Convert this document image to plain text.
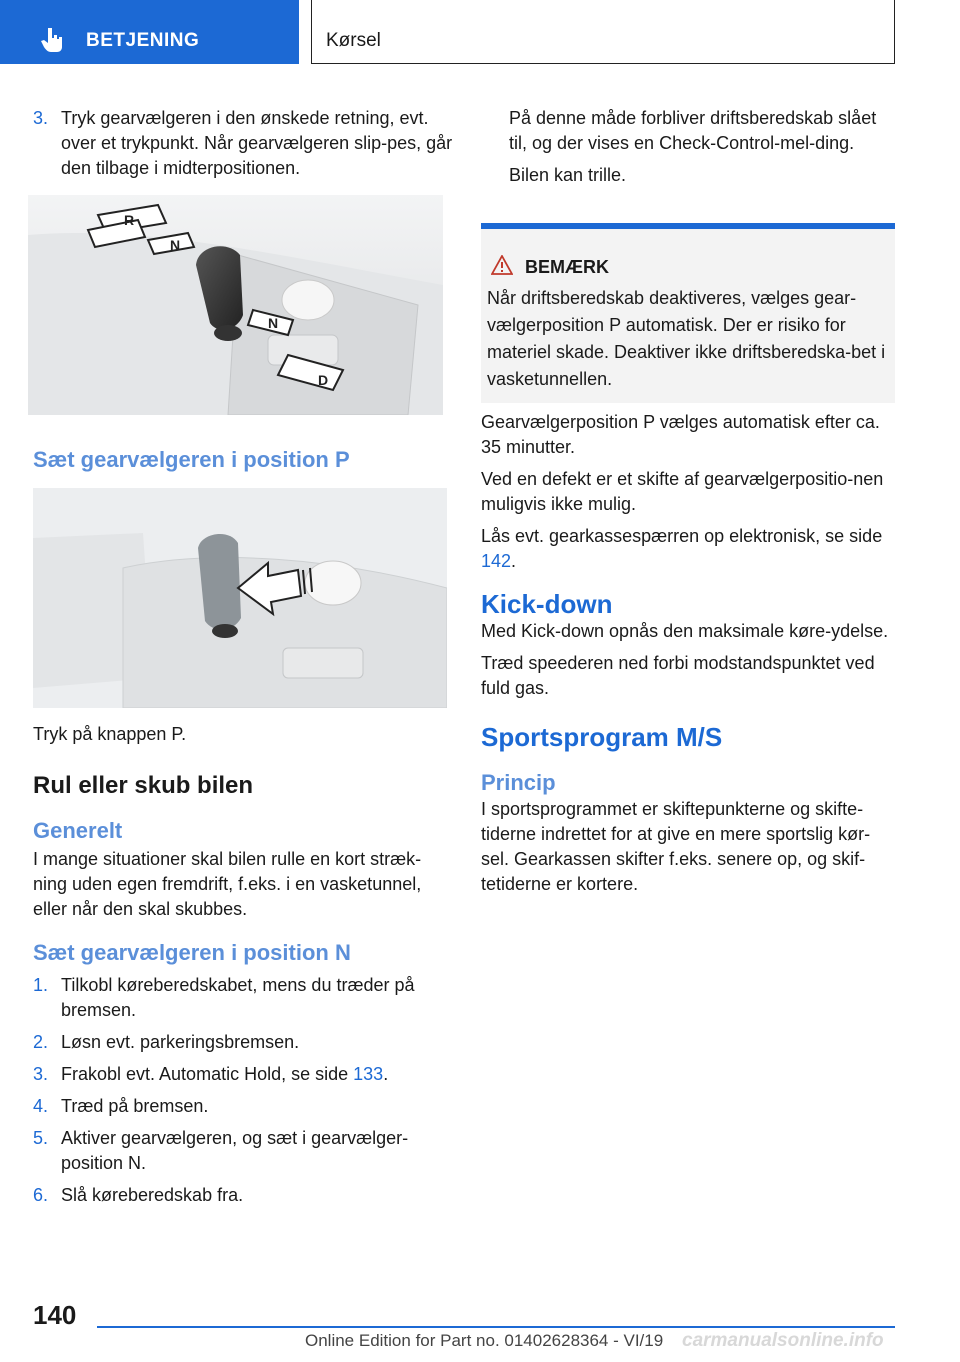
BETJENING	Kørsel
3. Tryk gearvælgeren i den ønskede retning, evt. over et trykpunkt. Når gearvælgeren slip‐pes, går den tilbage i midterpositionen.
R
N
N
D
Sæt gearvælgeren i position P

Tryk på knappen P.

Rul eller skub bilen
Generelt

I mange situationer skal bilen rulle en kort stræk‐ning uden egen fremdrift, f.eks. i en vasketunnel, eller når den skal skubbes.

Sæt gearvælgeren i position N
1. Tilkobl køreberedskabet, mens du træder på bremsen.
2. Løsn evt. parkeringsbremsen.
3. Frakobl evt. Automatic Hold, se side 133.
4. Træd på bremsen.
5. Aktiver gearvælgeren, og sæt i gearvælger‐position N.
6. Slå køreberedskab fra.

På denne måde forbliver driftsberedskab slået til, og der vises en Check-Control-mel‐ding.

Bilen kan trille.

BEMÆRK

Når driftsberedskab deaktiveres, vælges gear‐vælgerposition P automatisk. Der er risiko for materiel skade. Deaktiver ikke driftsberedska‐bet i vasketunnellen.

Gearvælgerposition P vælges automatisk efter ca. 35 minutter.

Ved en defekt er et skifte af gearvælgerpositio‐nen muligvis ikke mulig.

Lås evt. gearkassespærren op elektronisk, se side 142.

Kick-down

Med Kick-down opnås den maksimale køre‐ydelse.

Træd speederen ned forbi modstandspunktet ved fuld gas.

Sportsprogram M/S
Princip

I sportsprogrammet er skiftepunkterne og skifte‐tiderne indrettet for at give en mere sportslig kør‐sel. Gearkassen skifter f.eks. senere op, og skif‐tetiderne er kortere.

140
Online Edition for Part no. 01402628364 - VI/19 carmanualsonline.info
